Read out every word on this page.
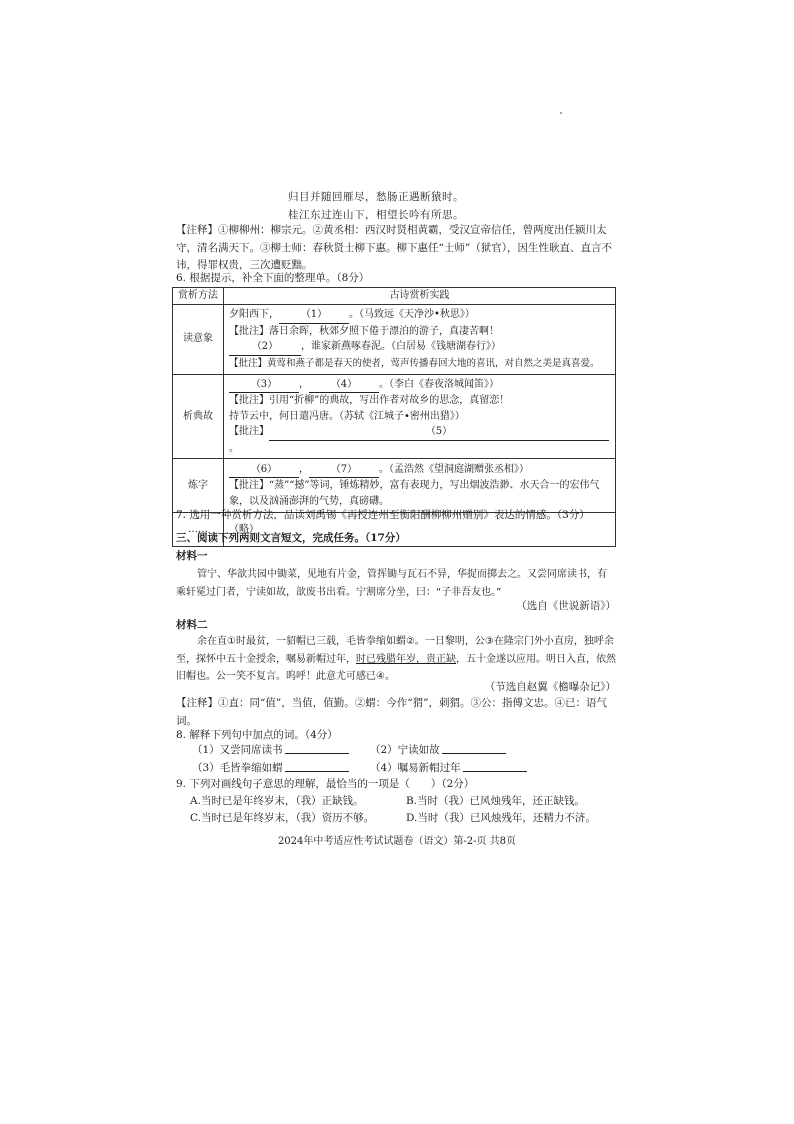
归目并随回雁尽，愁肠正遇断猿时。
桂江东过连山下，相望长吟有所思。
【注释】①柳柳州：柳宗元。②黄丞相：西汉时贤相黄霸，受汉宣帝信任，曾两度出任颍川太守，清名满天下。③柳士师：春秋贤士柳下惠。柳下惠任“士师”（狱官），因生性耿直、直言不讳，得罪权贵，三次遭贬黜。
6. 根据提示，补全下面的整理单。（8分）
赏析方法	古诗赏析实践
读意象	夕阳西下， （1） 。（马致远《天净沙•秋思》）
【批注】落日余晖，秋郊夕照下倦于漂泊的游子，真凄苦啊！
（2） ，谁家新燕啄春泥。（白居易《钱塘湖春行》）
【批注】黄莺和燕子都是春天的使者，莺声传播春回大地的喜讯，对自然之美是真喜爱。

析典故	（3） ， （4） 。（李白《春夜洛城闻笛》）
【批注】引用“折柳”的典故，写出作者对故乡的思念，真留恋！
持节云中，何日遣冯唐。（苏轼《江城子•密州出猎》）
【批注】 （5）。

炼字	（6） ， （7） 。（孟浩然《望洞庭湖赠张丞相》）
【批注】“蒸”“撼”等词，锤炼精妙，富有表现力，写出烟波浩渺、水天合一的宏伟气象，以及汹涌澎湃的气势，真磅礴。

……	（略）
7. 选用一种赏析方法，品读刘禹锡《再授连州至衡阳酬柳柳州赠别》表达的情感。（3分）
三、阅读下列两则文言短文，完成任务。（17分）
材料一
管宁、华歆共园中锄菜，见地有片金，管挥锄与瓦石不异，华捉而掷去之。又尝同席读书，有乘轩冕过门者，宁读如故，歆废书出看。宁割席分坐，曰：“子非吾友也。”
（选自《世说新语》）
材料二
余在直①时最贫，一貂帽已三载，毛皆拳缩如蝟②。一日黎明，公③在隆宗门外小直房，独呼余至，探怀中五十金授余，嘱易新帽过年，时已残腊年岁，贵正缺，五十金遂以应用。明日入直，依然旧帽也。公一笑不复言。呜呼！此意尤可感已④。
（节选自赵翼《檐曝杂记》）
【注释】①直：同“值”，当值，值勤。②蝟：今作“猬”，刺猬。③公：指傅文忠。④已：语气词。
8. 解释下列句中加点的词。（4分）
（1）又尝同席读书	（2）宁读如故
（3）毛皆拳缩如蝟	（4）嘱易新帽过年
9. 下列对画线句子意思的理解，最恰当的一项是（　　）（2分）
A.当时已是年终岁末，（我）正缺钱。	B.当时（我）已风烛残年，还正缺钱。
C.当时已是年终岁末，（我）资历不够。	D.当时（我）已风烛残年，还精力不济。
2024年中考适应性考试试题卷（语文）第-2-页 共8页
